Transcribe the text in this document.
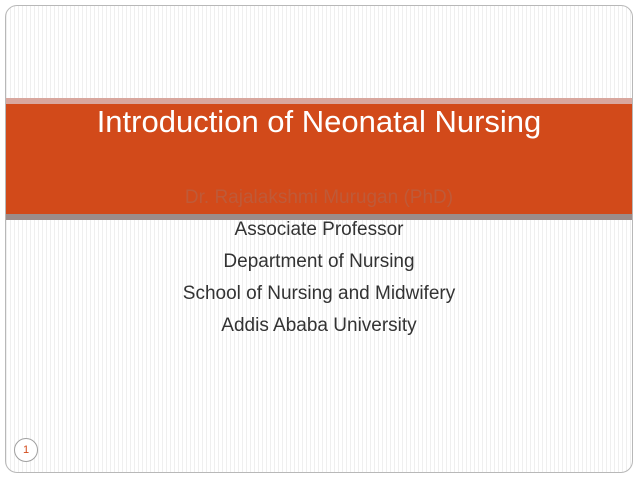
Introduction of Neonatal Nursing
Dr. Rajalakshmi Murugan (PhD)
Associate Professor
Department of Nursing
School of Nursing and Midwifery
Addis Ababa University
1
